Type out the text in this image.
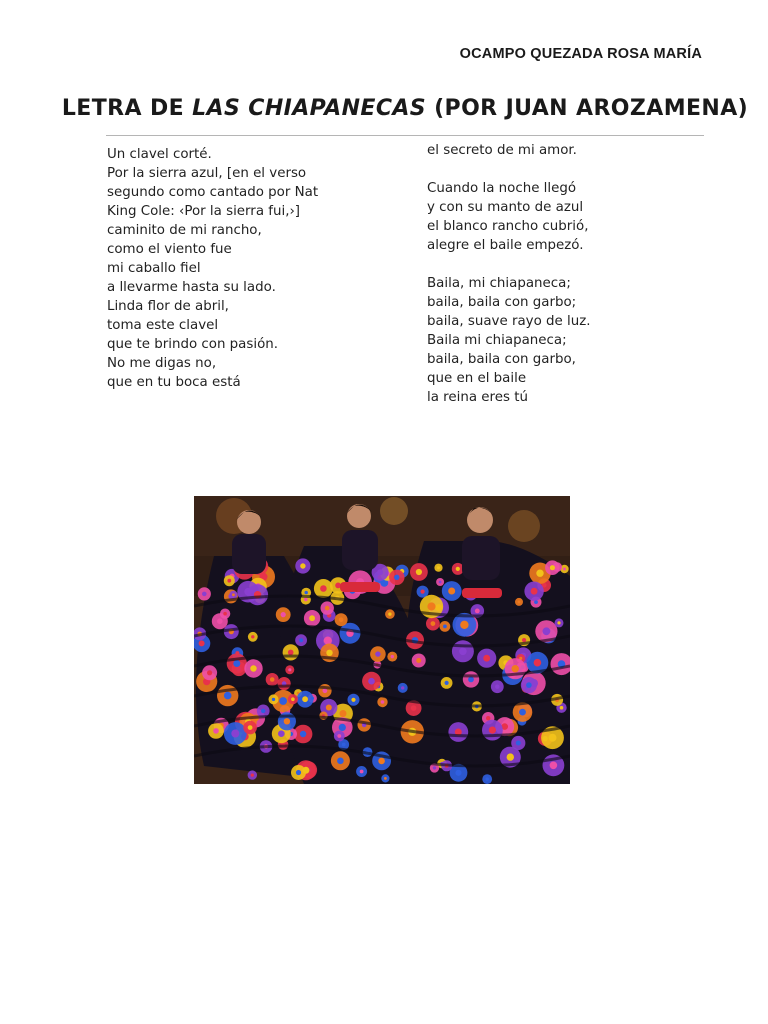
OCAMPO QUEZADA ROSA MARÍA
LETRA DE LAS CHIAPANECAS (POR JUAN AROZAMENA)
Un clavel corté.
Por la sierra azul, [en el verso
segundo como cantado por Nat
King Cole: ‹Por la sierra fui,›]
caminito de mi rancho,
como el viento fue
mi caballo fiel
a llevarme hasta su lado.
Linda flor de abril,
toma este clavel
que te brindo con pasión.
No me digas no,
que en tu boca está
el secreto de mi amor.
Cuando la noche llegó
y con su manto de azul
el blanco rancho cubrió,
alegre el baile empezó.
Baila, mi chiapaneca;
baila, baila con garbo;
baila, suave rayo de luz.
Baila mi chiapaneca;
baila, baila con garbo,
que en el baile
la reina eres tú
